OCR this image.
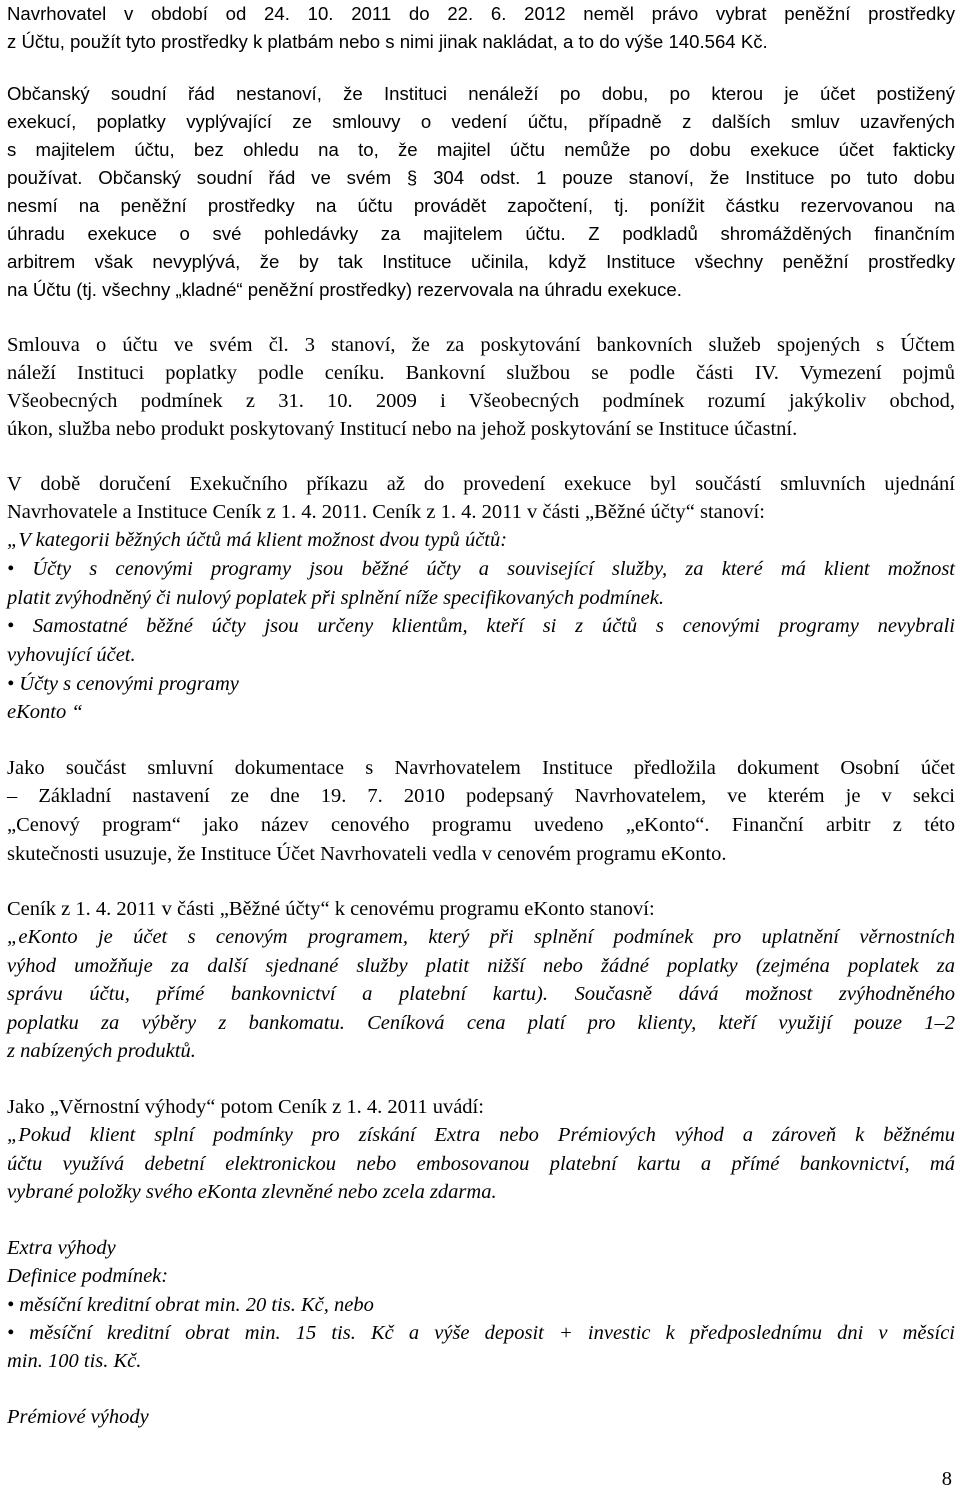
Navrhovatel v období od 24. 10. 2011 do 22. 6. 2012 neměl právo vybrat peněžní prostředky
z Účtu, použít tyto prostředky k platbám nebo s nimi jinak nakládat, a to do výše 140.564 Kč.
Občanský soudní řád nestanoví, že Instituci nenáleží po dobu, po kterou je účet postižený
exekucí, poplatky vyplývající ze smlouvy o vedení účtu, případně z dalších smluv uzavřených
s majitelem účtu, bez ohledu na to, že majitel účtu nemůže po dobu exekuce účet fakticky
používat. Občanský soudní řád ve svém § 304 odst. 1 pouze stanoví, že Instituce po tuto dobu
nesmí na peněžní prostředky na účtu provádět započtení, tj. ponížit částku rezervovanou na
úhradu exekuce o své pohledávky za majitelem účtu. Z podkladů shromážděných finančním
arbitrem však nevyplývá, že by tak Instituce učinila, když Instituce všechny peněžní prostředky
na Účtu (tj. všechny „kladné“ peněžní prostředky) rezervovala na úhradu exekuce.
Smlouva o účtu ve svém čl. 3 stanoví, že za poskytování bankovních služeb spojených s Účtem
náleží Instituci poplatky podle ceníku. Bankovní službou se podle části IV. Vymezení pojmů
Všeobecných podmínek z 31. 10. 2009 i Všeobecných podmínek rozumí jakýkoliv obchod,
úkon, služba nebo produkt poskytovaný Institucí nebo na jehož poskytování se Instituce účastní.
V době doručení Exekučního příkazu až do provedení exekuce byl součástí smluvních ujednání
Navrhovatele a Instituce Ceník z 1. 4. 2011. Ceník z 1. 4. 2011 v části „Běžné účty“ stanoví:
„V kategorii běžných účtů má klient možnost dvou typů účtů:
• Účty s cenovými programy jsou běžné účty a související služby, za které má klient možnost
platit zvýhodněný či nulový poplatek při splnění níže specifikovaných podmínek.
• Samostatné běžné účty jsou určeny klientům, kteří si z účtů s cenovými programy nevybrali
vyhovující účet.
• Účty s cenovými programy
eKonto “
Jako součást smluvní dokumentace s Navrhovatelem Instituce předložila dokument Osobní účet
– Základní nastavení ze dne 19. 7. 2010 podepsaný Navrhovatelem, ve kterém je v sekci
„Cenový program“ jako název cenového programu uvedeno „eKonto“. Finanční arbitr z této
skutečnosti usuzuje, že Instituce Účet Navrhovateli vedla v cenovém programu eKonto.
Ceník z 1. 4. 2011 v části „Běžné účty“ k cenovému programu eKonto stanoví:
„eKonto je účet s cenovým programem, který při splnění podmínek pro uplatnění věrnostních
výhod umožňuje za další sjednané služby platit nižší nebo žádné poplatky (zejména poplatek za
správu účtu, přímé bankovnictví a platební kartu). Současně dává možnost zvýhodněného
poplatku za výběry z bankomatu. Ceníková cena platí pro klienty, kteří využijí pouze 1–2
z nabízených produktů.
Jako „Věrnostní výhody“ potom Ceník z 1. 4. 2011 uvádí:
„Pokud klient splní podmínky pro získání Extra nebo Prémiových výhod a zároveň k běžnému
účtu využívá debetní elektronickou nebo embosovanou platební kartu a přímé bankovnictví, má
vybrané položky svého eKonta zlevněné nebo zcela zdarma.
Extra výhody
Definice podmínek:
• měsíční kreditní obrat min. 20 tis. Kč, nebo
• měsíční kreditní obrat min. 15 tis. Kč a výše deposit + investic k předposlednímu dni v měsíci
min. 100 tis. Kč.
Prémiové výhody
8
